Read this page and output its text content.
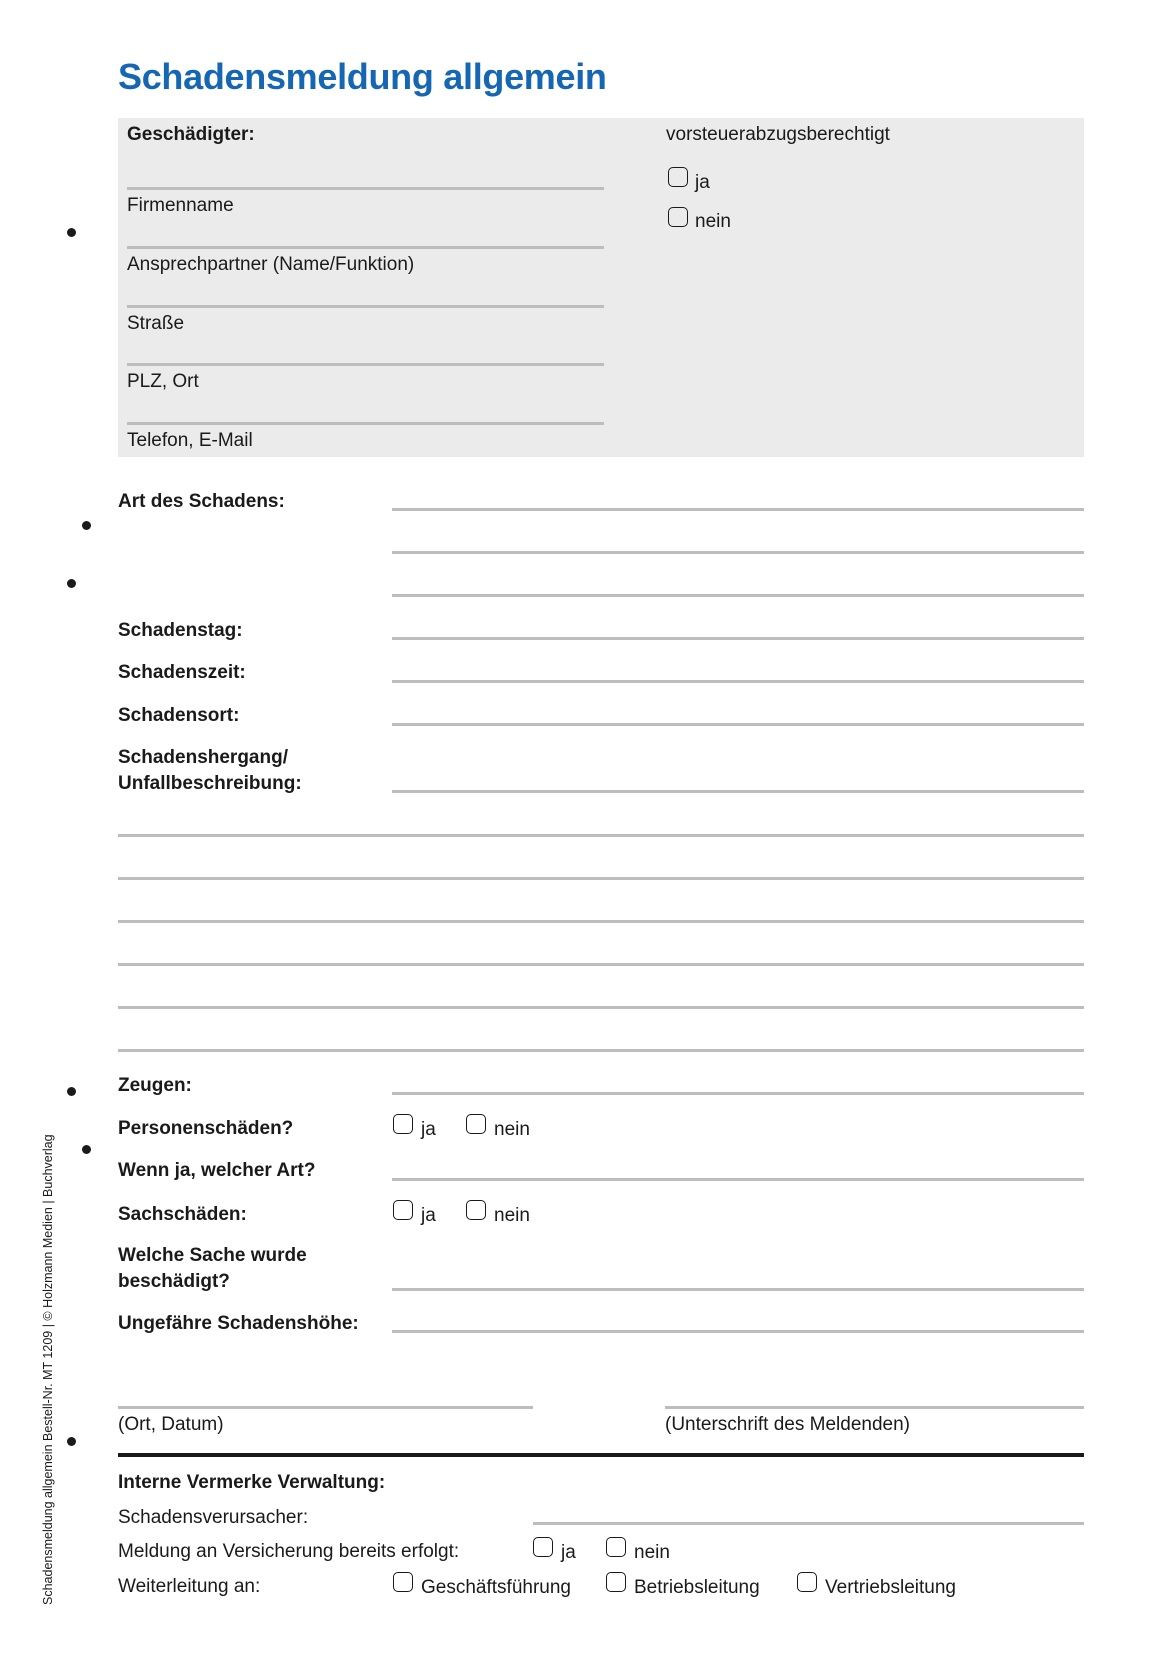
Schadensmeldung allgemein
Schadensmeldung allgemein Bestell-Nr. MT 1209 | © Holzmann Medien | Buchverlag
Geschädigter:
Firmenname
Ansprechpartner (Name/Funktion)
Straße
PLZ, Ort
Telefon, E-Mail
vorsteuerabzugsberechtigt
ja
nein
Art des Schadens:
Schadenstag:
Schadenszeit:
Schadensort:
Schadenshergang/
Unfallbeschreibung:
Zeugen:
Personenschäden?	ja	nein
Wenn ja, welcher Art?
Sachschäden:	ja	nein
Welche Sache wurde
beschädigt?
Ungefähre Schadenshöhe:
(Ort, Datum)	(Unterschrift des Meldenden)
Interne Vermerke Verwaltung:
Schadensverursacher:
Meldung an Versicherung bereits erfolgt:	ja	nein
Weiterleitung an:	Geschäftsführung	Betriebsleitung	Vertriebsleitung
